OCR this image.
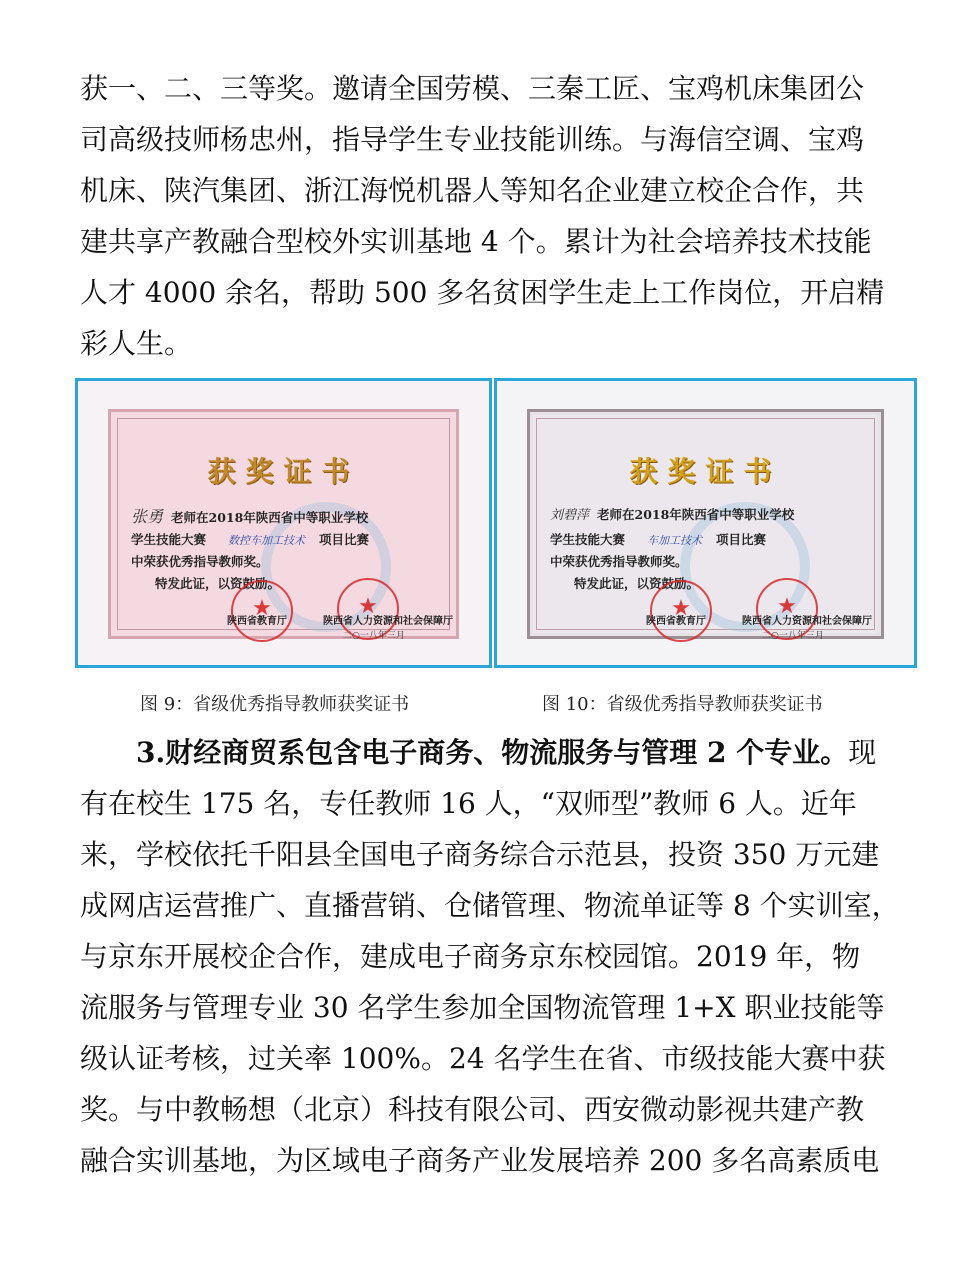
获一、二、三等奖。邀请全国劳模、三秦工匠、宝鸡机床集团公
司高级技师杨忠州，指导学生专业技能训练。与海信空调、宝鸡
机床、陕汽集团、浙江海悦机器人等知名企业建立校企合作，共
建共享产教融合型校外实训基地 4 个。累计为社会培养技术技能
人才 4000 余名，帮助 500 多名贫困学生走上工作岗位，开启精
彩人生。
获奖证书
张勇 老师在2018年陕西省中等职业学校
学生技能大赛 数控车加工技术 项目比赛
中荣获优秀指导教师奖。
特发此证，以资鼓励。
★
★
陕西省教育厅	陕西省人力资源和社会保障厅
二○一八年三月
获奖证书
刘碧萍 老师在2018年陕西省中等职业学校
学生技能大赛 车加工技术 项目比赛
中荣获优秀指导教师奖。
特发此证，以资鼓励。
★
★
陕西省教育厅	陕西省人力资源和社会保障厅
二○一八年三月
图 9：省级优秀指导教师获奖证书	图 10：省级优秀指导教师获奖证书
3.财经商贸系包含电子商务、物流服务与管理 2 个专业。现
有在校生 175 名，专任教师 16 人，“双师型”教师 6 人。近年
来，学校依托千阳县全国电子商务综合示范县，投资 350 万元建
成网店运营推广、直播营销、仓储管理、物流单证等 8 个实训室，
与京东开展校企合作，建成电子商务京东校园馆。2019 年，物
流服务与管理专业 30 名学生参加全国物流管理 1+X 职业技能等
级认证考核，过关率 100%。24 名学生在省、市级技能大赛中获
奖。与中教畅想（北京）科技有限公司、西安微动影视共建产教
融合实训基地，为区域电子商务产业发展培养 200 多名高素质电
